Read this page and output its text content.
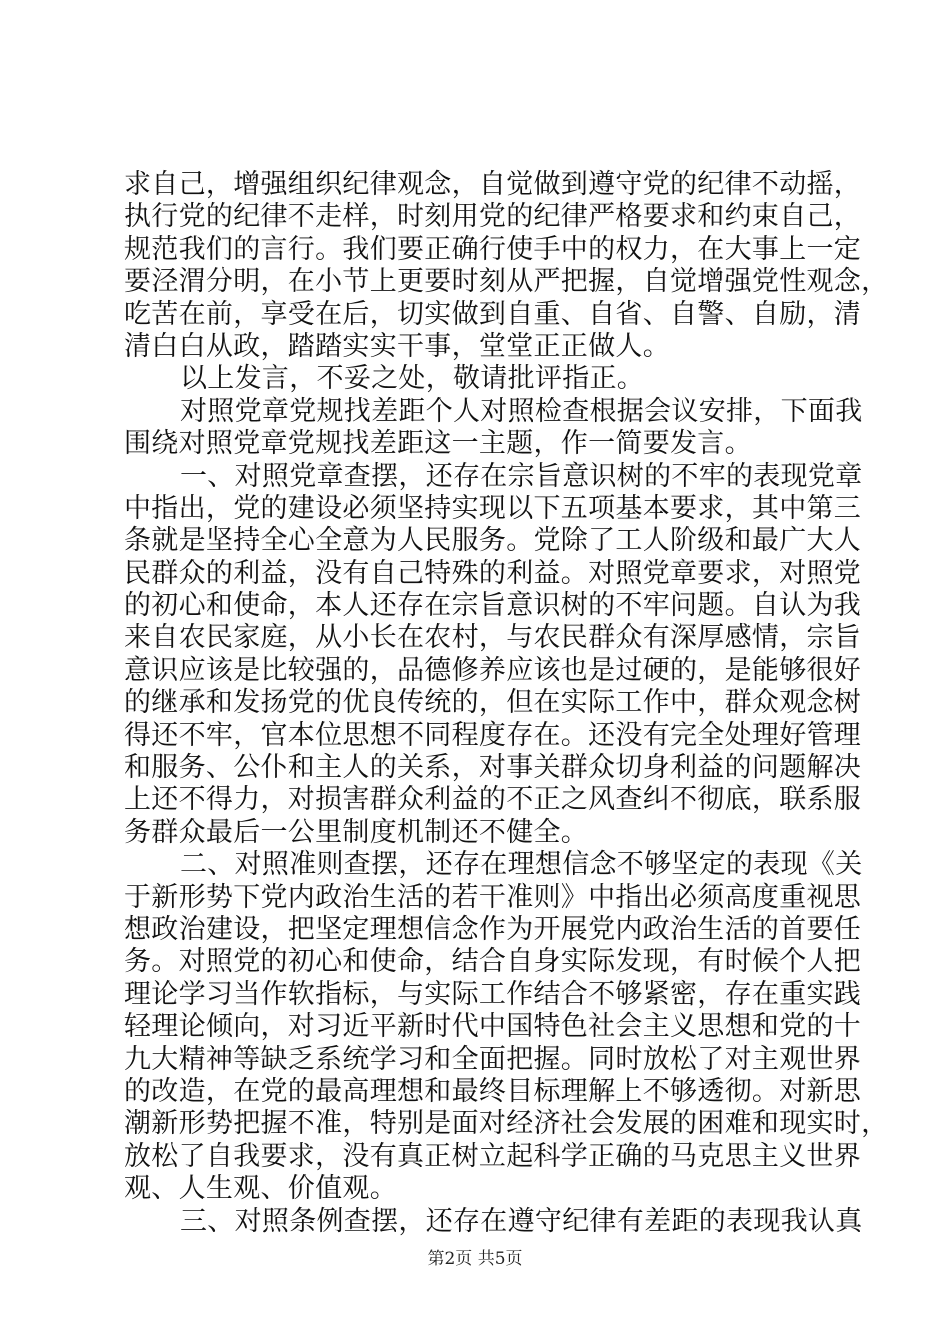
求自己，增强组织纪律观念，自觉做到遵守党的纪律不动摇，
执行党的纪律不走样，时刻用党的纪律严格要求和约束自己，
规范我们的言行。我们要正确行使手中的权力，在大事上一定
要泾渭分明，在小节上更要时刻从严把握，自觉增强党性观念，
吃苦在前，享受在后，切实做到自重、自省、自警、自励，清
清白白从政，踏踏实实干事，堂堂正正做人。
以上发言，不妥之处，敬请批评指正。
对照党章党规找差距个人对照检查根据会议安排，下面我
围绕对照党章党规找差距这一主题，作一简要发言。
一、对照党章查摆，还存在宗旨意识树的不牢的表现党章
中指出，党的建设必须坚持实现以下五项基本要求，其中第三
条就是坚持全心全意为人民服务。党除了工人阶级和最广大人
民群众的利益，没有自己特殊的利益。对照党章要求，对照党
的初心和使命，本人还存在宗旨意识树的不牢问题。自认为我
来自农民家庭，从小长在农村，与农民群众有深厚感情，宗旨
意识应该是比较强的，品德修养应该也是过硬的，是能够很好
的继承和发扬党的优良传统的，但在实际工作中，群众观念树
得还不牢，官本位思想不同程度存在。还没有完全处理好管理
和服务、公仆和主人的关系，对事关群众切身利益的问题解决
上还不得力，对损害群众利益的不正之风查纠不彻底，联系服
务群众最后一公里制度机制还不健全。
二、对照准则查摆，还存在理想信念不够坚定的表现《关
于新形势下党内政治生活的若干准则》中指出必须高度重视思
想政治建设，把坚定理想信念作为开展党内政治生活的首要任
务。对照党的初心和使命，结合自身实际发现，有时候个人把
理论学习当作软指标，与实际工作结合不够紧密，存在重实践
轻理论倾向，对习近平新时代中国特色社会主义思想和党的十
九大精神等缺乏系统学习和全面把握。同时放松了对主观世界
的改造，在党的最高理想和最终目标理解上不够透彻。对新思
潮新形势把握不准，特别是面对经济社会发展的困难和现实时，
放松了自我要求，没有真正树立起科学正确的马克思主义世界
观、人生观、价值观。
三、对照条例查摆，还存在遵守纪律有差距的表现我认真
第2页 共5页
